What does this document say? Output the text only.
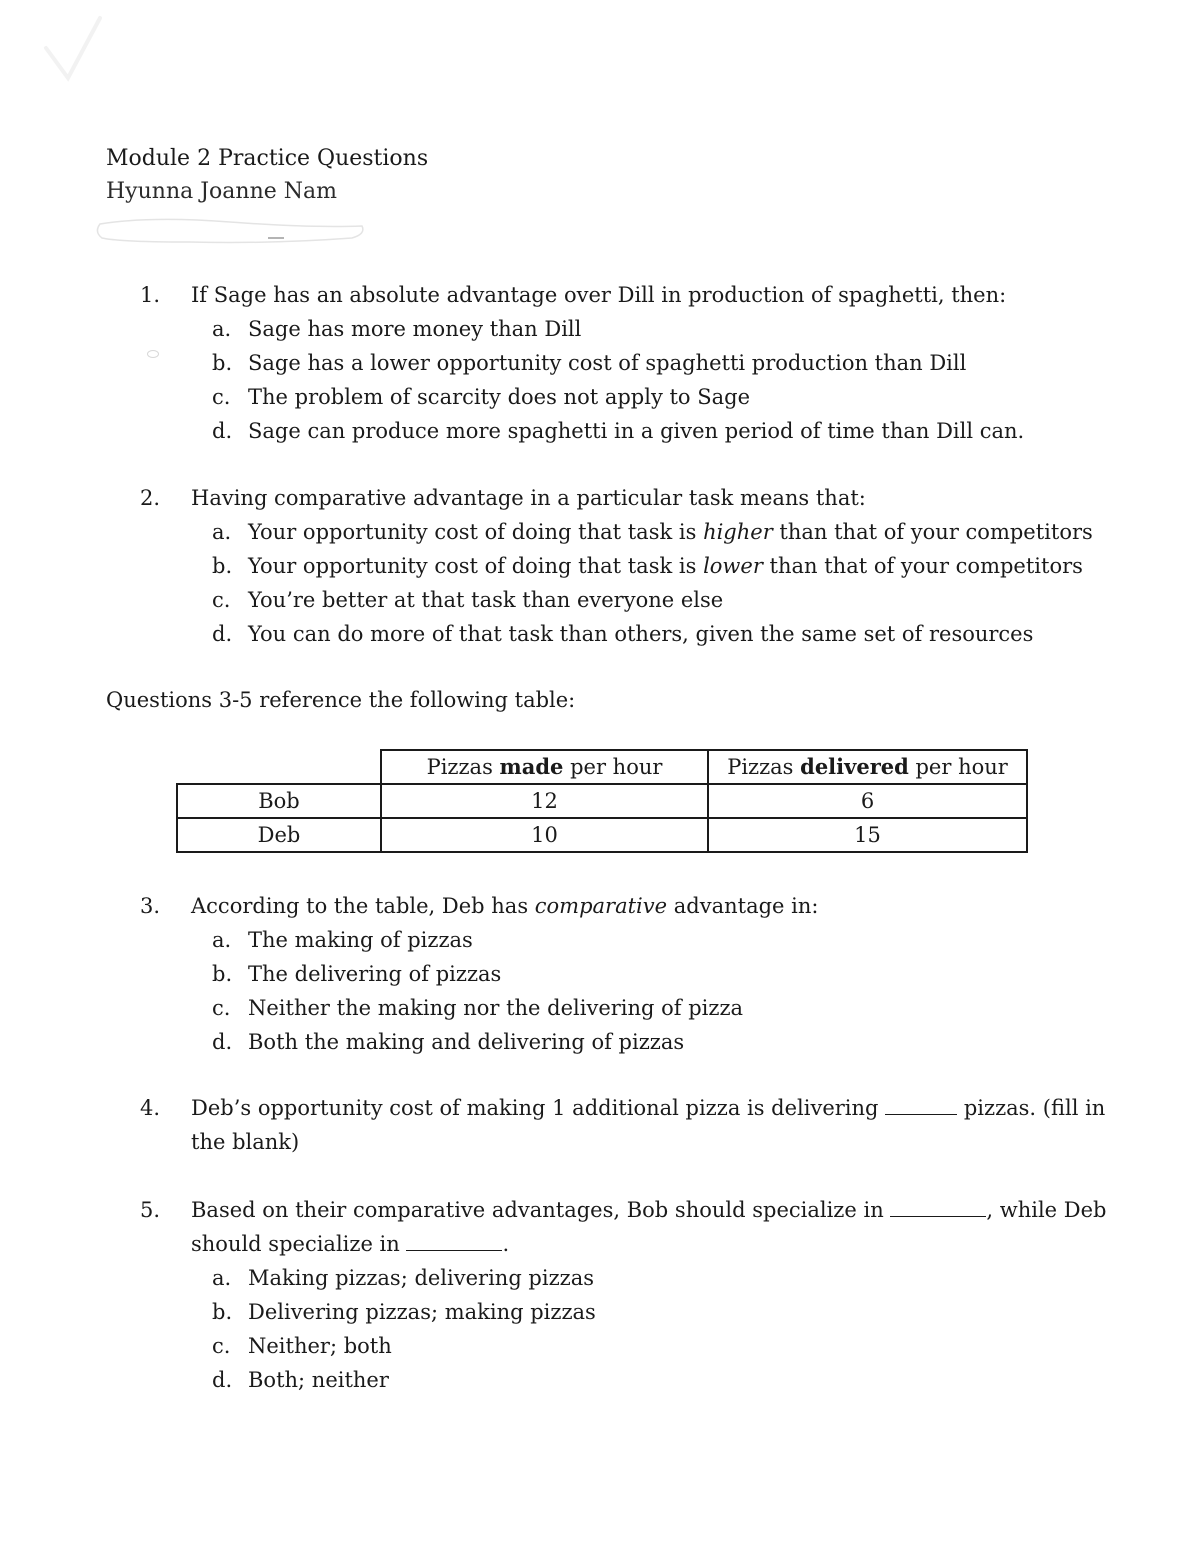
Module 2 Practice Questions
Hyunna Joanne Nam
1.	If Sage has an absolute advantage over Dill in production of spaghetti, then:
a. Sage has more money than Dill
b. Sage has a lower opportunity cost of spaghetti production than Dill
c. The problem of scarcity does not apply to Sage
d. Sage can produce more spaghetti in a given period of time than Dill can.
2.	Having comparative advantage in a particular task means that:
a. Your opportunity cost of doing that task is higher than that of your competitors
b. Your opportunity cost of doing that task is lower than that of your competitors
c. You’re better at that task than everyone else
d. You can do more of that task than others, given the same set of resources
Questions 3-5 reference the following table:
	Pizzas made per hour	Pizzas delivered per hour
Bob	12	6
Deb	10	15
3.	According to the table, Deb has comparative advantage in:
a. The making of pizzas
b. The delivering of pizzas
c. Neither the making nor the delivering of pizza
d. Both the making and delivering of pizzas
4.	Deb’s opportunity cost of making 1 additional pizza is delivering	pizzas. (fill in
the blank)
5.	Based on their comparative advantages, Bob should specialize in	, while Deb
should specialize in	.
a. Making pizzas; delivering pizzas
b. Delivering pizzas; making pizzas
c. Neither; both
d. Both; neither
